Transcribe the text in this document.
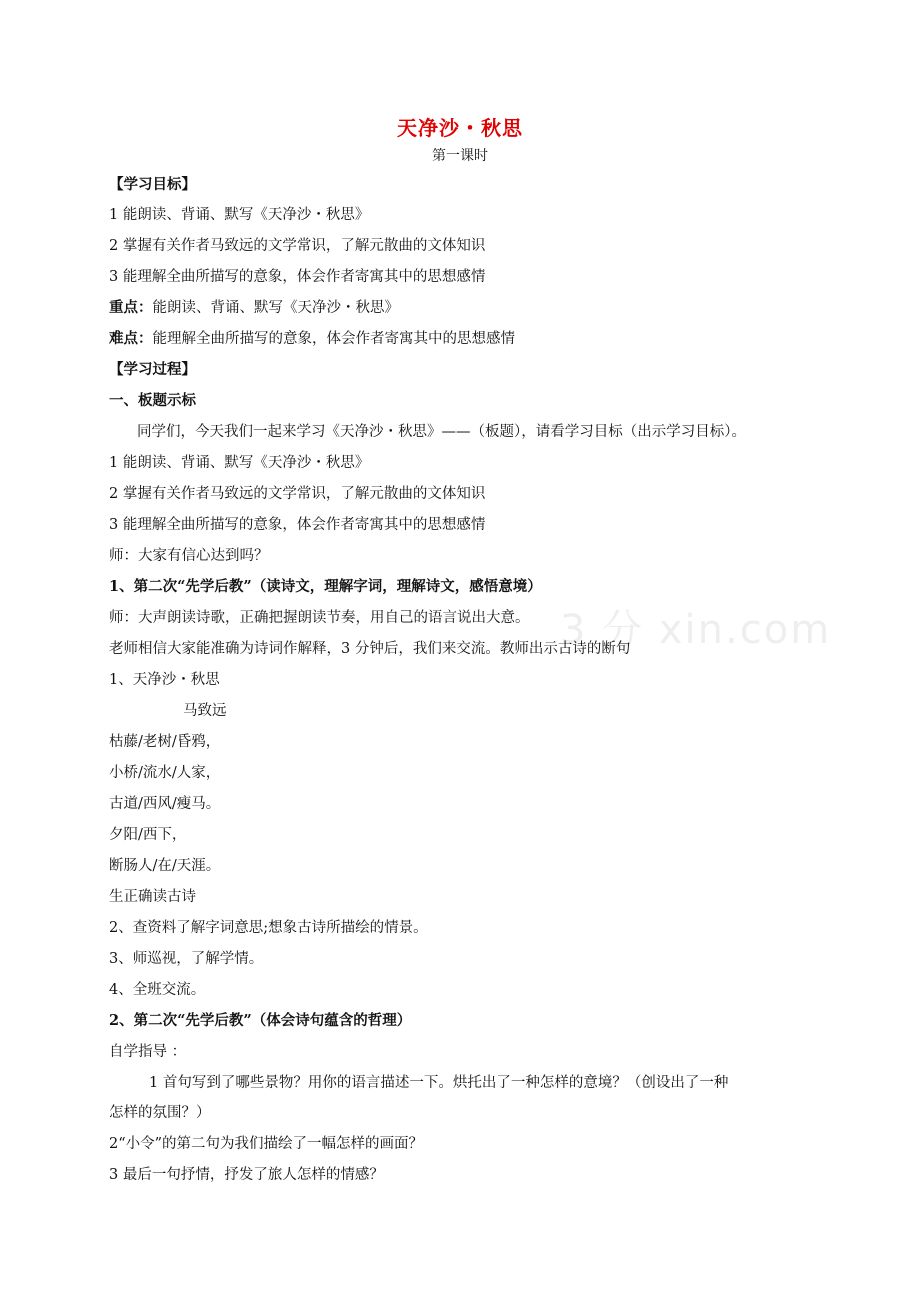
天净沙・秋思
第一课时
3 分 xin.com
【学习目标】
1 能朗读、背诵、默写《天净沙・秋思》
2 掌握有关作者马致远的文学常识，了解元散曲的文体知识
3 能理解全曲所描写的意象，体会作者寄寓其中的思想感情
重点：能朗读、背诵、默写《天净沙・秋思》
难点：能理解全曲所描写的意象，体会作者寄寓其中的思想感情
【学习过程】
一、板题示标
同学们，今天我们一起来学习《天净沙・秋思》——（板题），请看学习目标（出示学习目标）。
1 能朗读、背诵、默写《天净沙・秋思》
2 掌握有关作者马致远的文学常识，了解元散曲的文体知识
3 能理解全曲所描写的意象，体会作者寄寓其中的思想感情
师：大家有信心达到吗？
1、第二次“先学后教”（读诗文，理解字词，理解诗文，感悟意境）
师：大声朗读诗歌，正确把握朗读节奏，用自己的语言说出大意。
老师相信大家能准确为诗词作解释，3 分钟后，我们来交流。教师出示古诗的断句
1、天净沙・秋思
马致远
枯藤/老树/昏鸦，
小桥/流水/人家，
古道/西风/瘦马。
夕阳/西下，
断肠人/在/天涯。
生正确读古诗
2、查资料了解字词意思;想象古诗所描绘的情景。
3、师巡视，了解学情。
4、全班交流。
2、第二次“先学后教”（体会诗句蕴含的哲理）
自学指导 ：
1 首句写到了哪些景物？用你的语言描述一下。烘托出了一种怎样的意境？（创设出了一种
怎样的氛围？）
2“小令”的第二句为我们描绘了一幅怎样的画面？
3 最后一句抒情，抒发了旅人怎样的情感？
